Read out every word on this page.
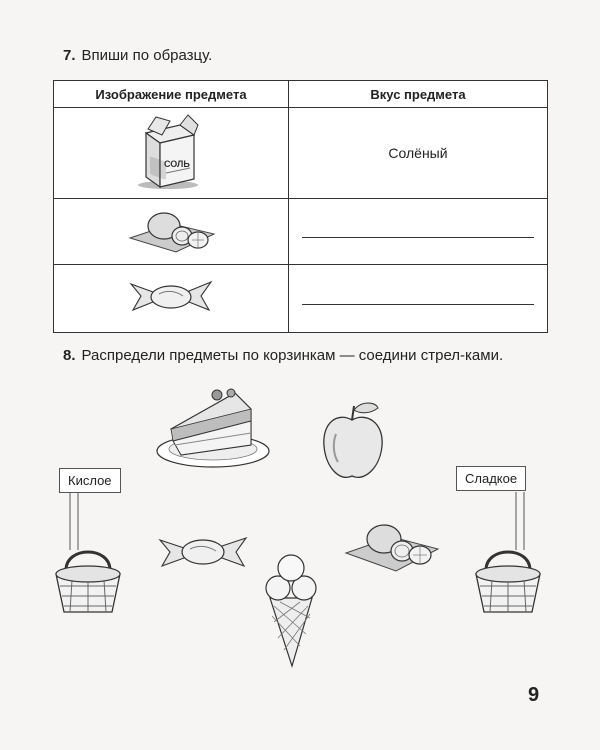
7. Впиши по образцу.
Изображение предмета	Вкус предмета

СОЛЬ	Солёный

8. Распредели предметы по корзинкам — соедини стрел-ками.
Кислое	Сладкое
9
